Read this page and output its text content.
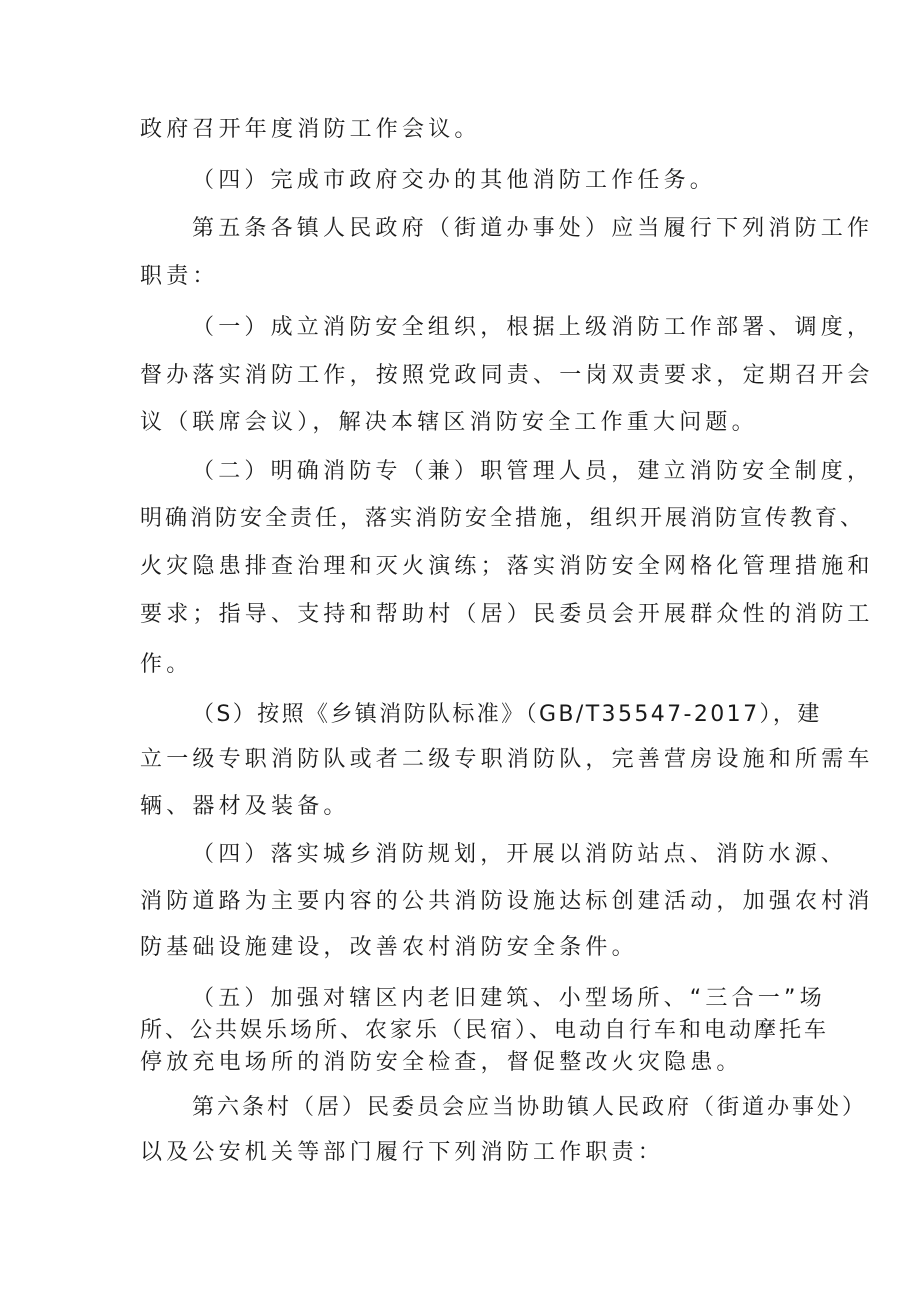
政府召开年度消防工作会议。
（四）完成市政府交办的其他消防工作任务。
第五条各镇人民政府（街道办事处）应当履行下列消防工作
职责：
（一）成立消防安全组织，根据上级消防工作部署、调度，
督办落实消防工作，按照党政同责、一岗双责要求，定期召开会
议（联席会议），解决本辖区消防安全工作重大问题。
（二）明确消防专（兼）职管理人员，建立消防安全制度，
明确消防安全责任，落实消防安全措施，组织开展消防宣传教育、
火灾隐患排查治理和灭火演练；落实消防安全网格化管理措施和
要求；指导、支持和帮助村（居）民委员会开展群众性的消防工
作。
（S）按照《乡镇消防队标准》（GB/T35547-2017），建
立一级专职消防队或者二级专职消防队，完善营房设施和所需车
辆、器材及装备。
（四）落实城乡消防规划，开展以消防站点、消防水源、
消防道路为主要内容的公共消防设施达标创建活动，加强农村消
防基础设施建设，改善农村消防安全条件。
（五）加强对辖区内老旧建筑、小型场所、“三合一”场
所、公共娱乐场所、农家乐（民宿）、电动自行车和电动摩托车
停放充电场所的消防安全检查，督促整改火灾隐患。
第六条村（居）民委员会应当协助镇人民政府（街道办事处）
以及公安机关等部门履行下列消防工作职责：
